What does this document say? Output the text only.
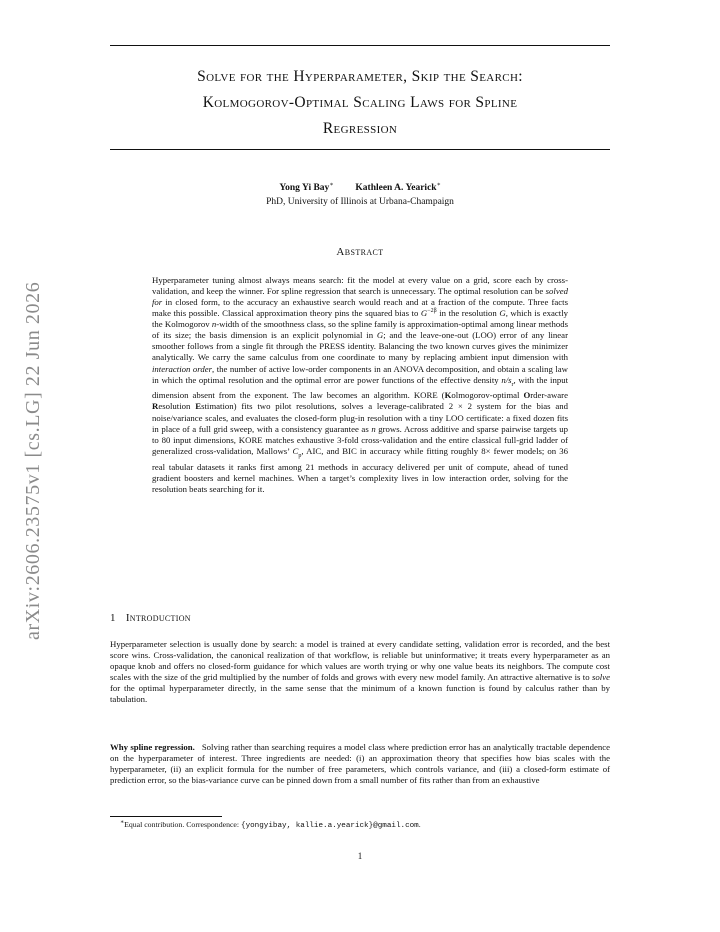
arXiv:2606.23575v1 [cs.LG] 22 Jun 2026
Solve for the Hyperparameter, Skip the Search:
Kolmogorov-Optimal Scaling Laws for Spline
Regression
Yong Yi Bay∗ Kathleen A. Yearick∗
PhD, University of Illinois at Urbana-Champaign
Abstract

Hyperparameter tuning almost always means search: fit the model at every value on a grid, score each by cross-validation, and keep the winner. For spline regression that search is unnecessary. The optimal resolution can be solved for in closed form, to the accuracy an exhaustive search would reach and at a fraction of the compute. Three facts make this possible. Classical approximation theory pins the squared bias to $G^{-2\beta}$ in the resolution G, which is exactly the Kolmogorov n-width of the smoothness class, so the spline family is approximation-optimal among linear methods of its size; the basis dimension is an explicit polynomial in G; and the leave-one-out (LOO) error of any linear smoother follows from a single fit through the PRESS identity. Balancing the two known curves gives the minimizer analytically. We carry the same calculus from one coordinate to many by replacing ambient input dimension with interaction order, the number of active low-order components in an ANOVA decomposition, and obtain a scaling law in which the optimal resolution and the optimal error are power functions of the effective density $n/s_r$, with the input dimension absent from the exponent. The law becomes an algorithm. KORE (Kolmogorov-optimal Order-aware Resolution Estimation) fits two pilot resolutions, solves a leverage-calibrated 2 × 2 system for the bias and noise/variance scales, and evaluates the closed-form plug-in resolution with a tiny LOO certificate: a fixed dozen fits in place of a full grid sweep, with a consistency guarantee as n grows. Across additive and sparse pairwise targets up to 80 input dimensions, KORE matches exhaustive 3-fold cross-validation and the entire classical full-grid ladder of generalized cross-validation, Mallows’ $C_p$, AIC, and BIC in accuracy while fitting roughly 8× fewer models; on 36 real tabular datasets it ranks first among 21 methods in accuracy delivered per unit of compute, ahead of tuned gradient boosters and kernel machines. When a target’s complexity lives in low interaction order, solving for the resolution beats searching for it.

1 Introduction

Hyperparameter selection is usually done by search: a model is trained at every candidate setting, validation error is recorded, and the best score wins. Cross-validation, the canonical realization of that workflow, is reliable but uninformative; it treats every hyperparameter as an opaque knob and offers no closed-form guidance for which values are worth trying or why one value beats its neighbors. The compute cost scales with the size of the grid multiplied by the number of folds and grows with every new model family. An attractive alternative is to solve for the optimal hyperparameter directly, in the same sense that the minimum of a known function is found by calculus rather than by tabulation.

Why spline regression.   Solving rather than searching requires a model class where prediction error has an analytically tractable dependence on the hyperparameter of interest. Three ingredients are needed: (i) an approximation theory that specifies how bias scales with the hyperparameter, (ii) an explicit formula for the number of free parameters, which controls variance, and (iii) a closed-form estimate of prediction error, so the bias-variance curve can be pinned down from a small number of fits rather than from an exhaustive

∗Equal contribution. Correspondence: {yongyibay, kallie.a.yearick}@gmail.com.
1
